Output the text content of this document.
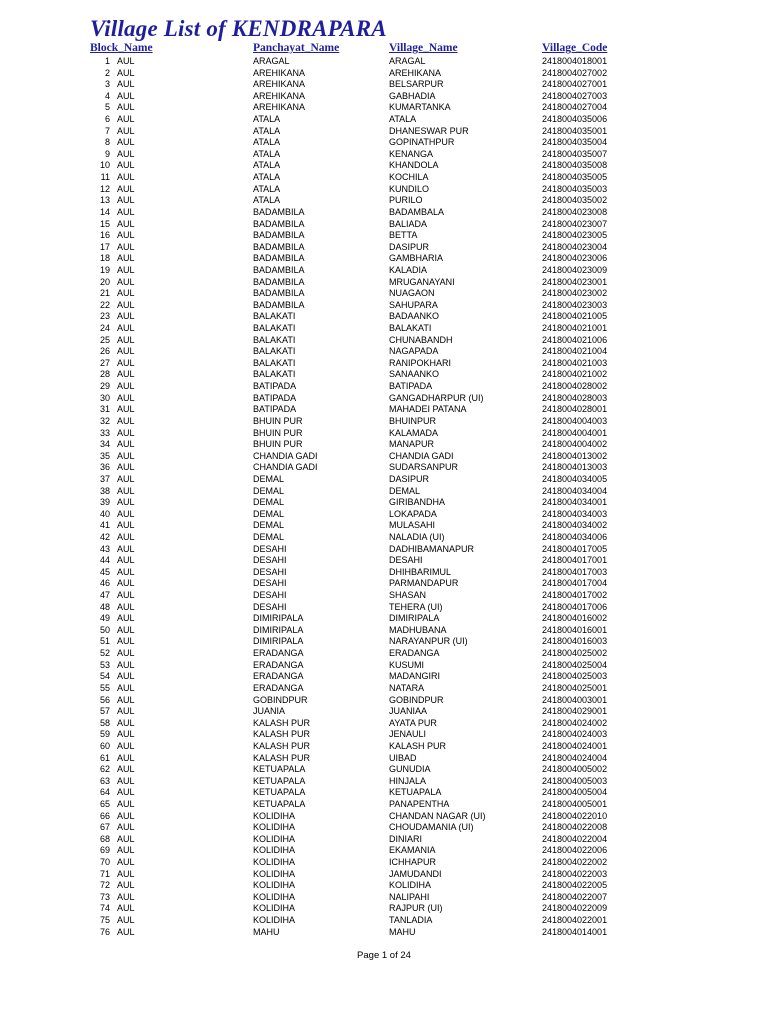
Village List of KENDRAPARA
Block_Name	Panchayat_Name	Village_Name	Village_Code
1 AUL	ARAGAL	ARAGAL	2418004018001
2 AUL	AREHIKANA	AREHIKANA	2418004027002
3 AUL	AREHIKANA	BELSARPUR	2418004027001
4 AUL	AREHIKANA	GABHADIA	2418004027003
5 AUL	AREHIKANA	KUMARTANKA	2418004027004
6 AUL	ATALA	ATALA	2418004035006
7 AUL	ATALA	DHANESWAR PUR	2418004035001
8 AUL	ATALA	GOPINATHPUR	2418004035004
9 AUL	ATALA	KENANGA	2418004035007
10 AUL	ATALA	KHANDOLA	2418004035008
11 AUL	ATALA	KOCHILA	2418004035005
12 AUL	ATALA	KUNDILO	2418004035003
13 AUL	ATALA	PURILO	2418004035002
14 AUL	BADAMBILA	BADAMBALA	2418004023008
15 AUL	BADAMBILA	BALIADA	2418004023007
16 AUL	BADAMBILA	BETTA	2418004023005
17 AUL	BADAMBILA	DASIPUR	2418004023004
18 AUL	BADAMBILA	GAMBHARIA	2418004023006
19 AUL	BADAMBILA	KALADIA	2418004023009
20 AUL	BADAMBILA	MRUGANAYANI	2418004023001
21 AUL	BADAMBILA	NUAGAON	2418004023002
22 AUL	BADAMBILA	SAHUPARA	2418004023003
23 AUL	BALAKATI	BADAANKO	2418004021005
24 AUL	BALAKATI	BALAKATI	2418004021001
25 AUL	BALAKATI	CHUNABANDH	2418004021006
26 AUL	BALAKATI	NAGAPADA	2418004021004
27 AUL	BALAKATI	RANIPOKHARI	2418004021003
28 AUL	BALAKATI	SANAANKO	2418004021002
29 AUL	BATIPADA	BATIPADA	2418004028002
30 AUL	BATIPADA	GANGADHARPUR (UI)	2418004028003
31 AUL	BATIPADA	MAHADEI PATANA	2418004028001
32 AUL	BHUIN PUR	BHUINPUR	2418004004003
33 AUL	BHUIN PUR	KALAMADA	2418004004001
34 AUL	BHUIN PUR	MANAPUR	2418004004002
35 AUL	CHANDIA GADI	CHANDIA GADI	2418004013002
36 AUL	CHANDIA GADI	SUDARSANPUR	2418004013003
37 AUL	DEMAL	DASIPUR	2418004034005
38 AUL	DEMAL	DEMAL	2418004034004
39 AUL	DEMAL	GIRIBANDHA	2418004034001
40 AUL	DEMAL	LOKAPADA	2418004034003
41 AUL	DEMAL	MULASAHI	2418004034002
42 AUL	DEMAL	NALADIA (UI)	2418004034006
43 AUL	DESAHI	DADHIBAMANAPUR	2418004017005
44 AUL	DESAHI	DESAHI	2418004017001
45 AUL	DESAHI	DHIHBARIMUL	2418004017003
46 AUL	DESAHI	PARMANDAPUR	2418004017004
47 AUL	DESAHI	SHASAN	2418004017002
48 AUL	DESAHI	TEHERA (UI)	2418004017006
49 AUL	DIMIRIPALA	DIMIRIPALA	2418004016002
50 AUL	DIMIRIPALA	MADHUBANA	2418004016001
51 AUL	DIMIRIPALA	NARAYANPUR (UI)	2418004016003
52 AUL	ERADANGA	ERADANGA	2418004025002
53 AUL	ERADANGA	KUSUMI	2418004025004
54 AUL	ERADANGA	MADANGIRI	2418004025003
55 AUL	ERADANGA	NATARA	2418004025001
56 AUL	GOBINDPUR	GOBINDPUR	2418004003001
57 AUL	JUANIA	JUANIAA	2418004029001
58 AUL	KALASH PUR	AYATA PUR	2418004024002
59 AUL	KALASH PUR	JENAULI	2418004024003
60 AUL	KALASH PUR	KALASH PUR	2418004024001
61 AUL	KALASH PUR	UIBAD	2418004024004
62 AUL	KETUAPALA	GUNUDIA	2418004005002
63 AUL	KETUAPALA	HINJALA	2418004005003
64 AUL	KETUAPALA	KETUAPALA	2418004005004
65 AUL	KETUAPALA	PANAPENTHA	2418004005001
66 AUL	KOLIDIHA	CHANDAN NAGAR (UI)	2418004022010
67 AUL	KOLIDIHA	CHOUDAMANIA (UI)	2418004022008
68 AUL	KOLIDIHA	DINIARI	2418004022004
69 AUL	KOLIDIHA	EKAMANIA	2418004022006
70 AUL	KOLIDIHA	ICHHAPUR	2418004022002
71 AUL	KOLIDIHA	JAMUDANDI	2418004022003
72 AUL	KOLIDIHA	KOLIDIHA	2418004022005
73 AUL	KOLIDIHA	NALIPAHI	2418004022007
74 AUL	KOLIDIHA	RAJPUR (UI)	2418004022009
75 AUL	KOLIDIHA	TANLADIA	2418004022001
76 AUL	MAHU	MAHU	2418004014001
Page 1 of 24
